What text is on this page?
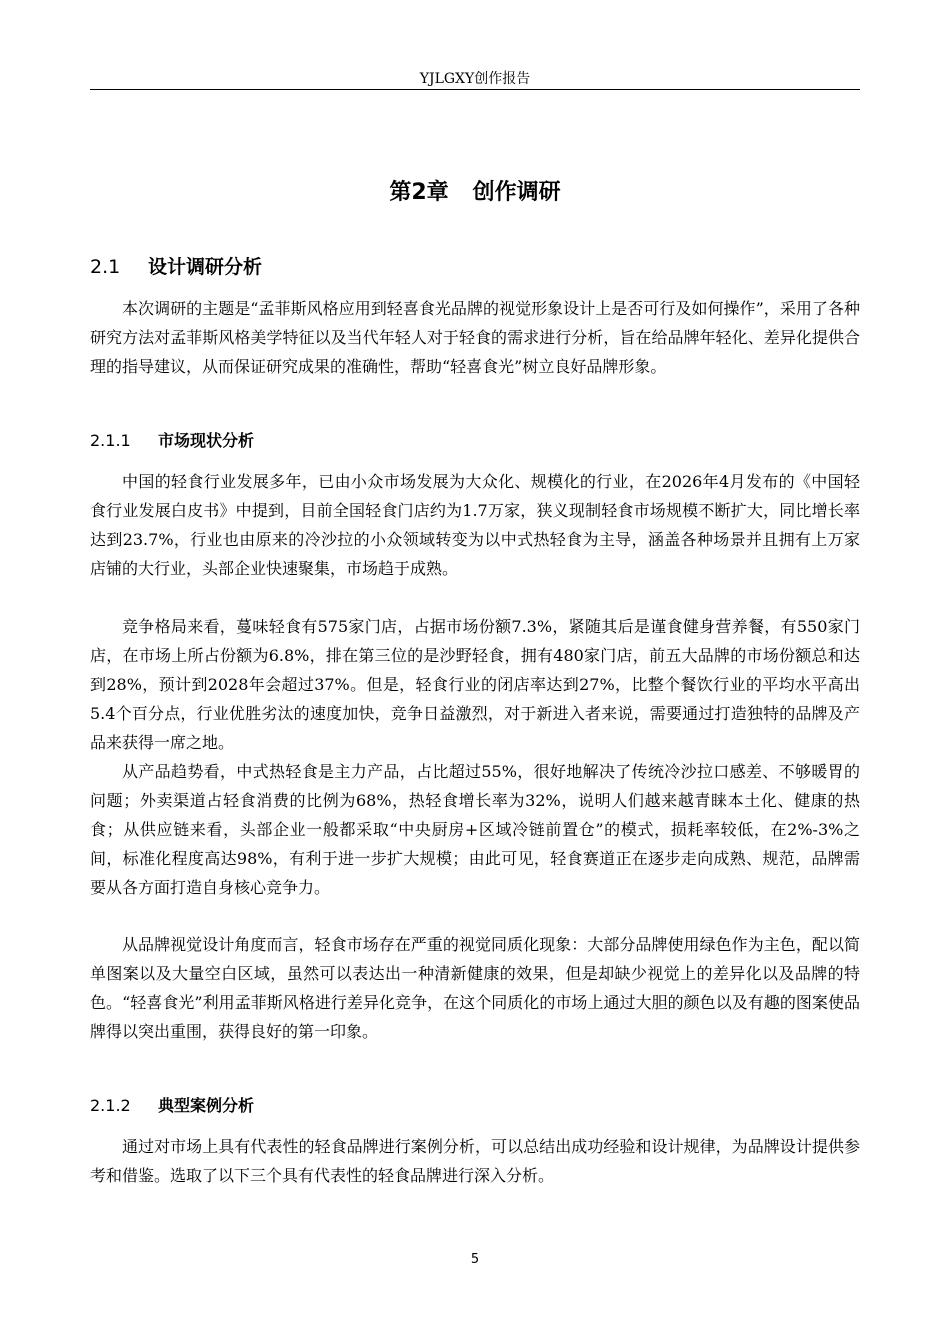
YJLGXY创作报告
第2章 创作调研
2.1 设计调研分析

本次调研的主题是“孟菲斯风格应用到轻喜食光品牌的视觉形象设计上是否可行及如何操作”，采用了各种研究方法对孟菲斯风格美学特征以及当代年轻人对于轻食的需求进行分析，旨在给品牌年轻化、差异化提供合理的指导建议，从而保证研究成果的准确性，帮助“轻喜食光”树立良好品牌形象。

2.1.1 市场现状分析

中国的轻食行业发展多年，已由小众市场发展为大众化、规模化的行业，在2026年4月发布的《中国轻食行业发展白皮书》中提到，目前全国轻食门店约为1.7万家，狭义现制轻食市场规模不断扩大，同比增长率达到23.7%，行业也由原来的冷沙拉的小众领域转变为以中式热轻食为主导，涵盖各种场景并且拥有上万家店铺的大行业，头部企业快速聚集，市场趋于成熟。

竞争格局来看，蔓味轻食有575家门店，占据市场份额7.3%，紧随其后是谨食健身营养餐，有550家门店，在市场上所占份额为6.8%，排在第三位的是沙野轻食，拥有480家门店，前五大品牌的市场份额总和达到28%，预计到2028年会超过37%。但是，轻食行业的闭店率达到27%，比整个餐饮行业的平均水平高出5.4个百分点，行业优胜劣汰的速度加快，竞争日益激烈，对于新进入者来说，需要通过打造独特的品牌及产品来获得一席之地。

从产品趋势看，中式热轻食是主力产品，占比超过55%，很好地解决了传统冷沙拉口感差、不够暖胃的问题；外卖渠道占轻食消费的比例为68%，热轻食增长率为32%，说明人们越来越青睐本土化、健康的热食；从供应链来看，头部企业一般都采取“中央厨房+区域冷链前置仓”的模式，损耗率较低，在2%-3%之间，标准化程度高达98%，有利于进一步扩大规模；由此可见，轻食赛道正在逐步走向成熟、规范，品牌需要从各方面打造自身核心竞争力。

从品牌视觉设计角度而言，轻食市场存在严重的视觉同质化现象：大部分品牌使用绿色作为主色，配以简单图案以及大量空白区域，虽然可以表达出一种清新健康的效果，但是却缺少视觉上的差异化以及品牌的特色。“轻喜食光”利用孟菲斯风格进行差异化竞争，在这个同质化的市场上通过大胆的颜色以及有趣的图案使品牌得以突出重围，获得良好的第一印象。

2.1.2 典型案例分析

通过对市场上具有代表性的轻食品牌进行案例分析，可以总结出成功经验和设计规律，为品牌设计提供参考和借鉴。选取了以下三个具有代表性的轻食品牌进行深入分析。

5
